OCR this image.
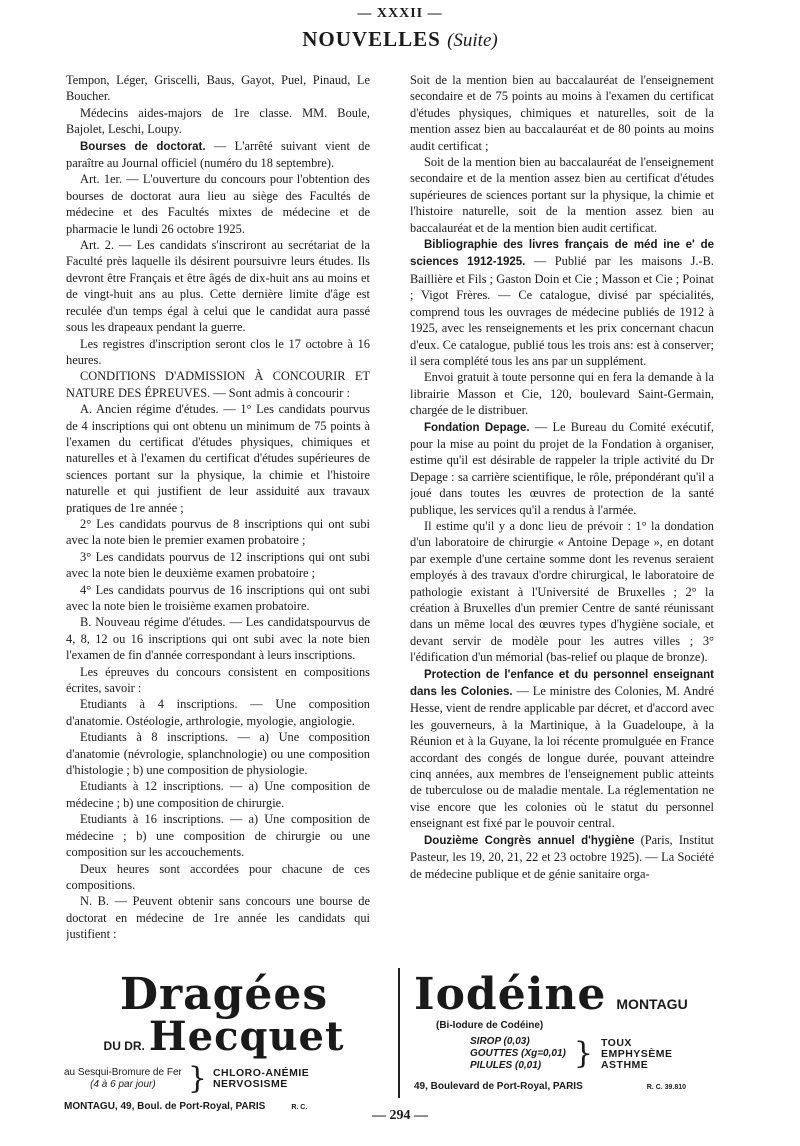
— XXXII —
NOUVELLES (Suite)

Tempon, Léger, Griscelli, Baus, Gayot, Puel, Pinaud, Le Boucher.

Médecins aides-majors de 1re classe. MM. Boule, Bajolet, Leschi, Loupy.

Bourses de doctorat. — L'arrêté suivant vient de paraître au Journal officiel (numéro du 18 septembre).

Art. 1er. — L'ouverture du concours pour l'obtention des bourses de doctorat aura lieu au siège des Facultés de médecine et des Facultés mixtes de médecine et de pharmacie le lundi 26 octobre 1925.

Art. 2. — Les candidats s'inscriront au secrétariat de la Faculté près laquelle ils désirent poursuivre leurs études. Ils devront être Français et être âgés de dix-huit ans au moins et de vingt-huit ans au plus. Cette dernière limite d'âge est reculée d'un temps égal à celui que le candidat aura passé sous les drapeaux pendant la guerre.

Les registres d'inscription seront clos le 17 octobre à 16 heures.

CONDITIONS D'ADMISSION À CONCOURIR ET NATURE DES ÉPREUVES. — Sont admis à concourir :

A. Ancien régime d'études. — 1° Les candidats pourvus de 4 inscriptions qui ont obtenu un minimum de 75 points à l'examen du certificat d'études physiques, chimiques et naturelles et à l'examen du certificat d'études supérieures de sciences portant sur la physique, la chimie et l'histoire naturelle et qui justifient de leur assiduité aux travaux pratiques de 1re année ;

2° Les candidats pourvus de 8 inscriptions qui ont subi avec la note bien le premier examen probatoire ;

3° Les candidats pourvus de 12 inscriptions qui ont subi avec la note bien le deuxième examen probatoire ;

4° Les candidats pourvus de 16 inscriptions qui ont subi avec la note bien le troisième examen probatoire.

B. Nouveau régime d'études. — Les candidatspourvus de 4, 8, 12 ou 16 inscriptions qui ont subi avec la note bien l'examen de fin d'année correspondant à leurs inscriptions.

Les épreuves du concours consistent en compositions écrites, savoir :

Etudiants à 4 inscriptions. — Une composition d'anatomie. Ostéologie, arthrologie, myologie, angiologie.

Etudiants à 8 inscriptions. — a) Une composition d'anatomie (névrologie, splanchnologie) ou une composition d'histologie ; b) une composition de physiologie.

Etudiants à 12 inscriptions. — a) Une composition de médecine ; b) une composition de chirurgie.

Etudiants à 16 inscriptions. — a) Une composition de médecine ; b) une composition de chirurgie ou une composition sur les accouchements.

Deux heures sont accordées pour chacune de ces compositions.

N. B. — Peuvent obtenir sans concours une bourse de doctorat en médecine de 1re année les candidats qui justifient :

Soit de la mention bien au baccalauréat de l'enseignement secondaire et de 75 points au moins à l'examen du certificat d'études physiques, chimiques et naturelles, soit de la mention assez bien au baccalauréat et de 80 points au moins audit certificat ;

Soit de la mention bien au baccalauréat de l'enseignement secondaire et de la mention assez bien au certificat d'études supérieures de sciences portant sur la physique, la chimie et l'histoire naturelle, soit de la mention assez bien au baccalauréat et de la mention bien audit certificat.

Bibliographie des livres français de méd ine e' de sciences 1912-1925. — Publié par les maisons J.-B. Baillière et Fils ; Gaston Doin et Cie ; Masson et Cie ; Poinat ; Vigot Frères. — Ce catalogue, divisé par spécialités, comprend tous les ouvrages de médecine publiés de 1912 à 1925, avec les renseignements et les prix concernant chacun d'eux. Ce catalogue, publié tous les trois ans: est à conserver; il sera complété tous les ans par un supplément.

Envoi gratuit à toute personne qui en fera la demande à la librairie Masson et Cie, 120, boulevard Saint-Germain, chargée de le distribuer.

Fondation Depage. — Le Bureau du Comité exécutif, pour la mise au point du projet de la Fondation à organiser, estime qu'il est désirable de rappeler la triple activité du Dr Depage : sa carrière scientifique, le rôle, prépondérant qu'il a joué dans toutes les œuvres de protection de la santé publique, les services qu'il a rendus à l'armée.

Il estime qu'il y a donc lieu de prévoir : 1° la dondation d'un laboratoire de chirurgie « Antoine Depage », en dotant par exemple d'une certaine somme dont les revenus seraient employés à des travaux d'ordre chirurgical, le laboratoire de pathologie existant à l'Université de Bruxelles ; 2° la création à Bruxelles d'un premier Centre de santé réunissant dans un même local des œuvres types d'hygiène sociale, et devant servir de modèle pour les autres villes ; 3° l'édification d'un mémorial (bas-relief ou plaque de bronze).

Protection de l'enfance et du personnel enseignant dans les Colonies. — Le ministre des Colonies, M. André Hesse, vient de rendre applicable par décret, et d'accord avec les gouverneurs, à la Martinique, à la Guadeloupe, à la Réunion et à la Guyane, la loi récente promulguée en France accordant des congés de longue durée, pouvant atteindre cinq années, aux membres de l'enseignement public atteints de tuberculose ou de maladie mentale. La réglementation ne vise encore que les colonies où le statut du personnel enseignant est fixé par le pouvoir central.

Douzième Congrès annuel d'hygiène (Paris, Institut Pasteur, les 19, 20, 21, 22 et 23 octobre 1925). — La Société de médecine publique et de génie sanitaire orga-

Dragées
DU DR. Hecquet
au Sesqui-Bromure de Fer
(4 à 6 par jour)	} CHLORO-ANÉMIE
NERVOSISME
MONTAGU, 49, Boul. de Port-Royal, PARIS	R. C.
Iodéine MONTAGU
(Bi-Iodure de Codéine)
SIROP (0,03)
GOUTTES (Xg=0,01)
PILULES (0,01)	} TOUX
EMPHYSÈME
ASTHME
49, Boulevard de Port-Royal, PARIS	R. C. 39.810
— 294 —
